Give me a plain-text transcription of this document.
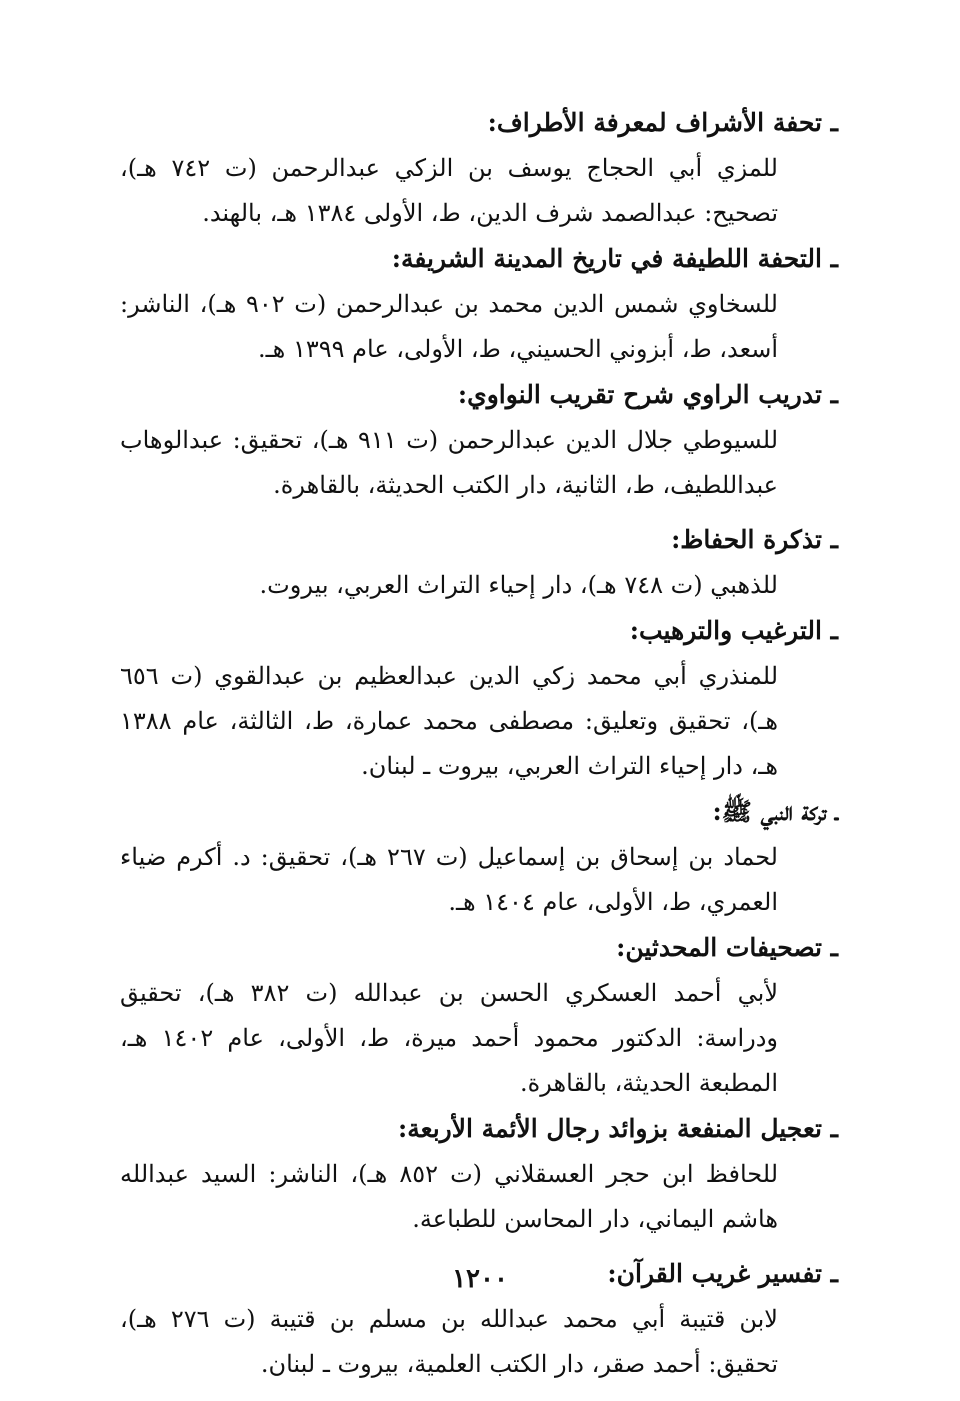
ـ تحفة الأشراف لمعرفة الأطراف:
للمزي أبي الحجاج يوسف بن الزكي عبدالرحمن (ت ٧٤٢ هـ)، تصحيح: عبدالصمد شرف الدين، ط، الأولى ١٣٨٤ هـ، بالهند.
ـ التحفة اللطيفة في تاريخ المدينة الشريفة:
للسخاوي شمس الدين محمد بن عبدالرحمن (ت ٩٠٢ هـ)، الناشر: أسعد، ط، أبزوني الحسيني، ط، الأولى، عام ١٣٩٩ هـ.
ـ تدريب الراوي شرح تقريب النواوي:
للسيوطي جلال الدين عبدالرحمن (ت ٩١١ هـ)، تحقيق: عبدالوهاب عبداللطيف، ط، الثانية، دار الكتب الحديثة، بالقاهرة.
ـ تذكرة الحفاظ:
للذهبي (ت ٧٤٨ هـ)، دار إحياء التراث العربي، بيروت.
ـ الترغيب والترهيب:
للمنذري أبي محمد زكي الدين عبدالعظيم بن عبدالقوي (ت ٦٥٦ هـ)، تحقيق وتعليق: مصطفى محمد عمارة، ط، الثالثة، عام ١٣٨٨ هـ، دار إحياء التراث العربي، بيروت ـ لبنان.
ـ تركة النبي ﷺ:
لحماد بن إسحاق بن إسماعيل (ت ٢٦٧ هـ)، تحقيق: د. أكرم ضياء العمري، ط، الأولى، عام ١٤٠٤ هـ.
ـ تصحيفات المحدثين:
لأبي أحمد العسكري الحسن بن عبدالله (ت ٣٨٢ هـ)، تحقيق ودراسة: الدكتور محمود أحمد ميرة، ط، الأولى، عام ١٤٠٢ هـ، المطبعة الحديثة، بالقاهرة.
ـ تعجيل المنفعة بزوائد رجال الأئمة الأربعة:
للحافظ ابن حجر العسقلاني (ت ٨٥٢ هـ)، الناشر: السيد عبدالله هاشم اليماني، دار المحاسن للطباعة.
ـ تفسير غريب القرآن:
لابن قتيبة أبي محمد عبدالله بن مسلم بن قتيبة (ت ٢٧٦ هـ)، تحقيق: أحمد صقر، دار الكتب العلمية، بيروت ـ لبنان.
١٢٠٠
